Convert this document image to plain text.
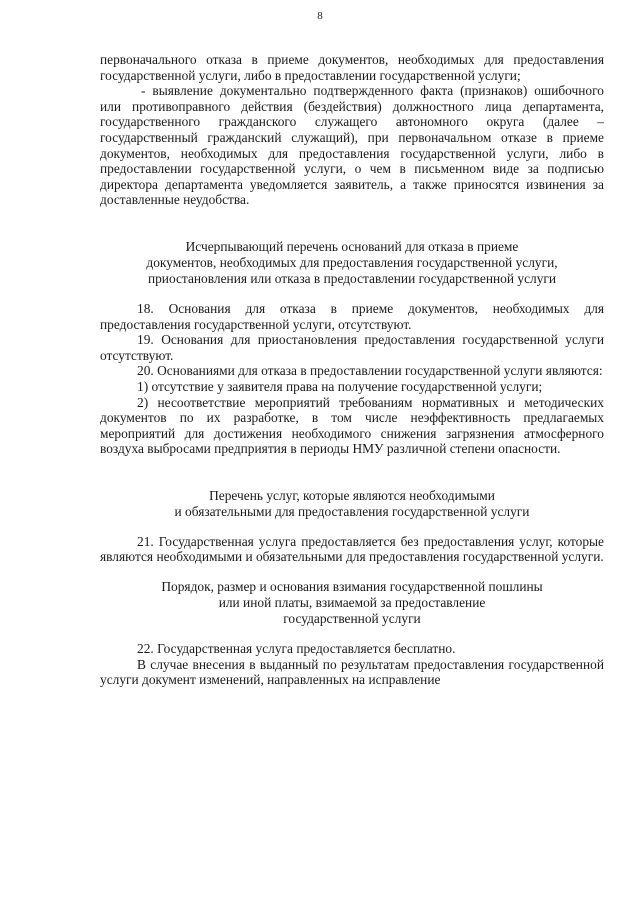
8

первоначального отказа в приеме документов, необходимых для предоставления государственной услуги, либо в предоставлении государственной услуги;

- выявление документально подтвержденного факта (признаков) ошибочного или противоправного действия (бездействия) должностного лица департамента, государственного гражданского служащего автономного округа (далее – государственный гражданский служащий), при первоначальном отказе в приеме документов, необходимых для предоставления государственной услуги, либо в предоставлении государственной услуги, о чем в письменном виде за подписью директора департамента уведомляется заявитель, а также приносятся извинения за доставленные неудобства.

Исчерпывающий перечень оснований для отказа в приеме
документов, необходимых для предоставления государственной услуги,
приостановления или отказа в предоставлении государственной услуги

18. Основания для отказа в приеме документов, необходимых для предоставления государственной услуги, отсутствуют.

19. Основания для приостановления предоставления государственной услуги отсутствуют.

20. Основаниями для отказа в предоставлении государственной услуги являются:

1) отсутствие у заявителя права на получение государственной услуги;

2) несоответствие мероприятий требованиям нормативных и методических документов по их разработке, в том числе неэффективность предлагаемых мероприятий для достижения необходимого снижения загрязнения атмосферного воздуха выбросами предприятия в периоды НМУ различной степени опасности.

Перечень услуг, которые являются необходимыми
и обязательными для предоставления государственной услуги

21. Государственная услуга предоставляется без предоставления услуг, которые являются необходимыми и обязательными для предоставления государственной услуги.

Порядок, размер и основания взимания государственной пошлины
или иной платы, взимаемой за предоставление
государственной услуги

22. Государственная услуга предоставляется бесплатно.

В случае внесения в выданный по результатам предоставления государственной услуги документ изменений, направленных на исправление
